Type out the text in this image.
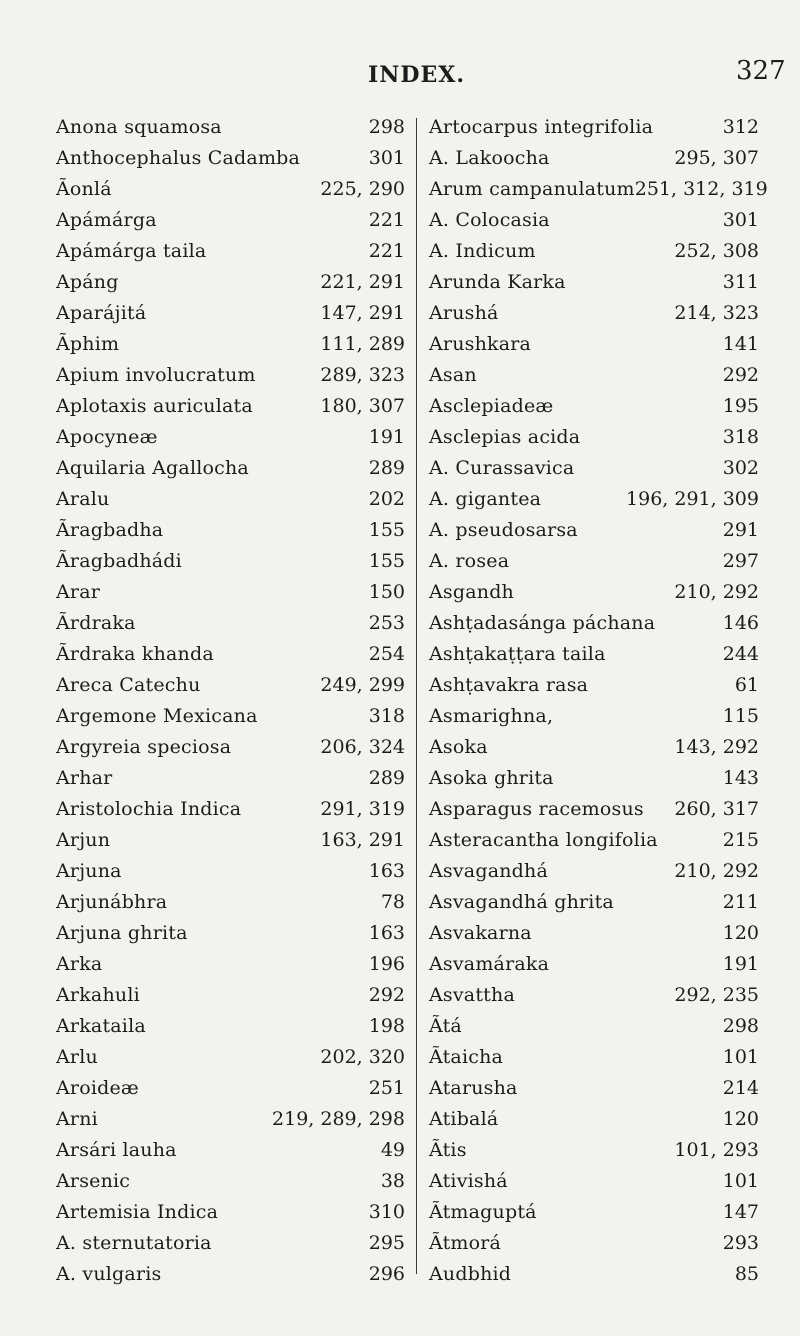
INDEX.	327
Anona squamosa	298
Anthocephalus Cadamba	301
Ãonlá	225, 290
Apámárga	221
Apámárga taila	221
Apáng	221, 291
Aparájitá	147, 291
Ãphim	111, 289
Apium involucratum	289, 323
Aplotaxis auriculata	180, 307
Apocyneæ	191
Aquilaria Agallocha	289
Aralu	202
Ãragbadha	155
Ãragbadhádi	155
Arar	150
Ãrdraka	253
Ãrdraka khanda	254
Areca Catechu	249, 299
Argemone Mexicana	318
Argyreia speciosa	206, 324
Arhar	289
Aristolochia Indica	291, 319
Arjun	163, 291
Arjuna	163
Arjunábhra	78
Arjuna ghrita	163
Arka	196
Arkahuli	292
Arkataila	198
Arlu	202, 320
Aroideæ	251
Arni	219, 289, 298
Arsári lauha	49
Arsenic	38
Artemisia Indica	310
A. sternutatoria	295
A. vulgaris	296
Artocarpus integrifolia	312
A. Lakoocha	295, 307
Arum campanulatum 251, 312, 319
A. Colocasia	301
A. Indicum	252, 308
Arunda Karka	311
Arushá	214, 323
Arushkara	141
Asan	292
Asclepiadeæ	195
Asclepias acida	318
A. Curassavica	302
A. gigantea	196, 291, 309
A. pseudosarsa	291
A. rosea	297
Asgandh	210, 292
Ashṭadasánga páchana	146
Ashṭakaṭṭara taila	244
Ashṭavakra rasa	61
Asmarighna,	115
Asoka	143, 292
Asoka ghrita	143
Asparagus racemosus 260, 317
Asteracantha longifolia	215
Asvagandhá	210, 292
Asvagandhá ghrita	211
Asvakarna	120
Asvamáraka	191
Asvattha	292, 235
Ãtá	298
Ãtaicha	101
Atarusha	214
Atibalá	120
Ãtis	101, 293
Ativishá	101
Ãtmaguptá	147
Ãtmorá	293
Audbhid	85
